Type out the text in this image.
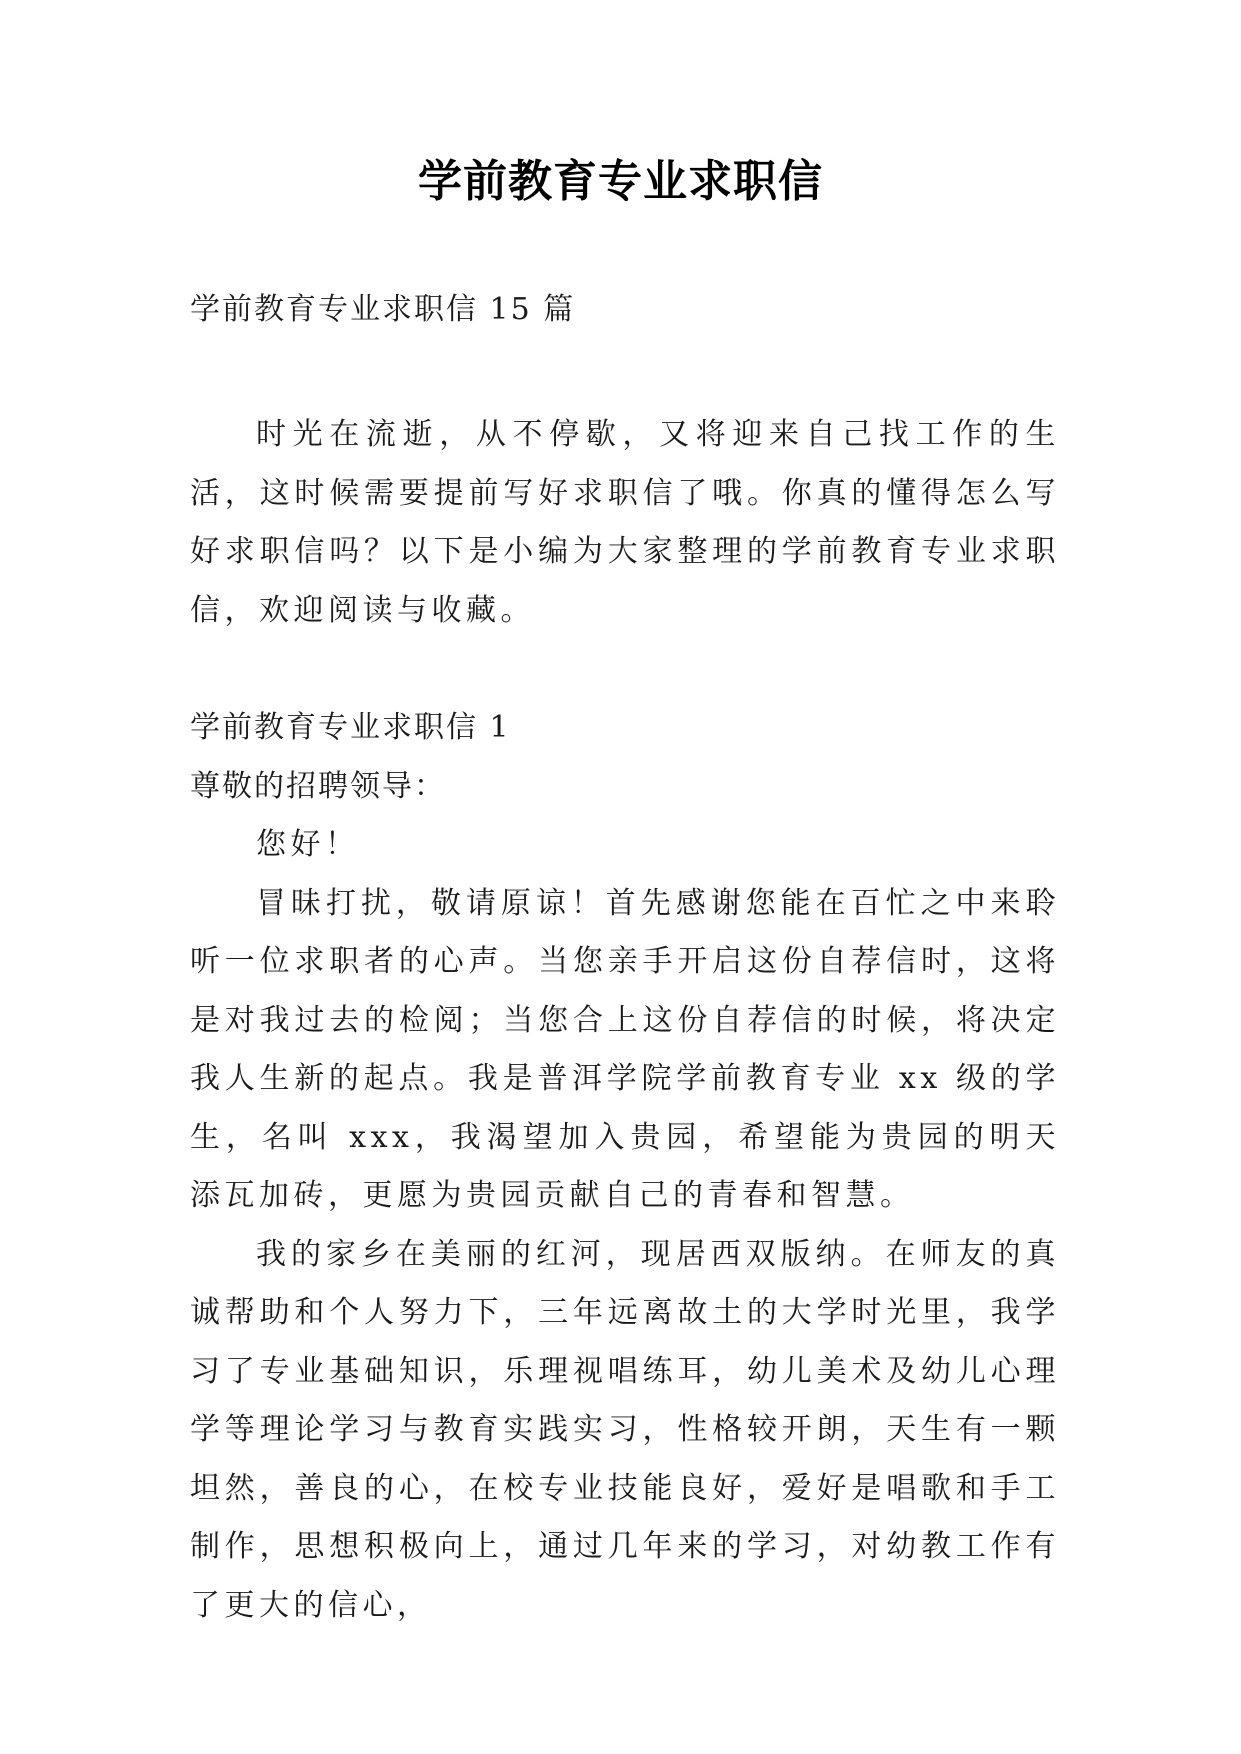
学前教育专业求职信
学前教育专业求职信 15 篇
时光在流逝，从不停歇，又将迎来自己找工作的生活，这时候需要提前写好求职信了哦。你真的懂得怎么写好求职信吗？以下是小编为大家整理的学前教育专业求职信，欢迎阅读与收藏。

学前教育专业求职信 1

尊敬的招聘领导：

您好！

冒昧打扰，敬请原谅！首先感谢您能在百忙之中来聆听一位求职者的心声。当您亲手开启这份自荐信时，这将是对我过去的检阅；当您合上这份自荐信的时候，将决定我人生新的起点。我是普洱学院学前教育专业 xx 级的学生，名叫 xxx，我渴望加入贵园，希望能为贵园的明天添瓦加砖，更愿为贵园贡献自己的青春和智慧。

我的家乡在美丽的红河，现居西双版纳。在师友的真诚帮助和个人努力下，三年远离故土的大学时光里，我学习了专业基础知识，乐理视唱练耳，幼儿美术及幼儿心理学等理论学习与教育实践实习，性格较开朗，天生有一颗坦然，善良的心，在校专业技能良好，爱好是唱歌和手工制作，思想积极向上，通过几年来的学习，对幼教工作有了更大的信心，
